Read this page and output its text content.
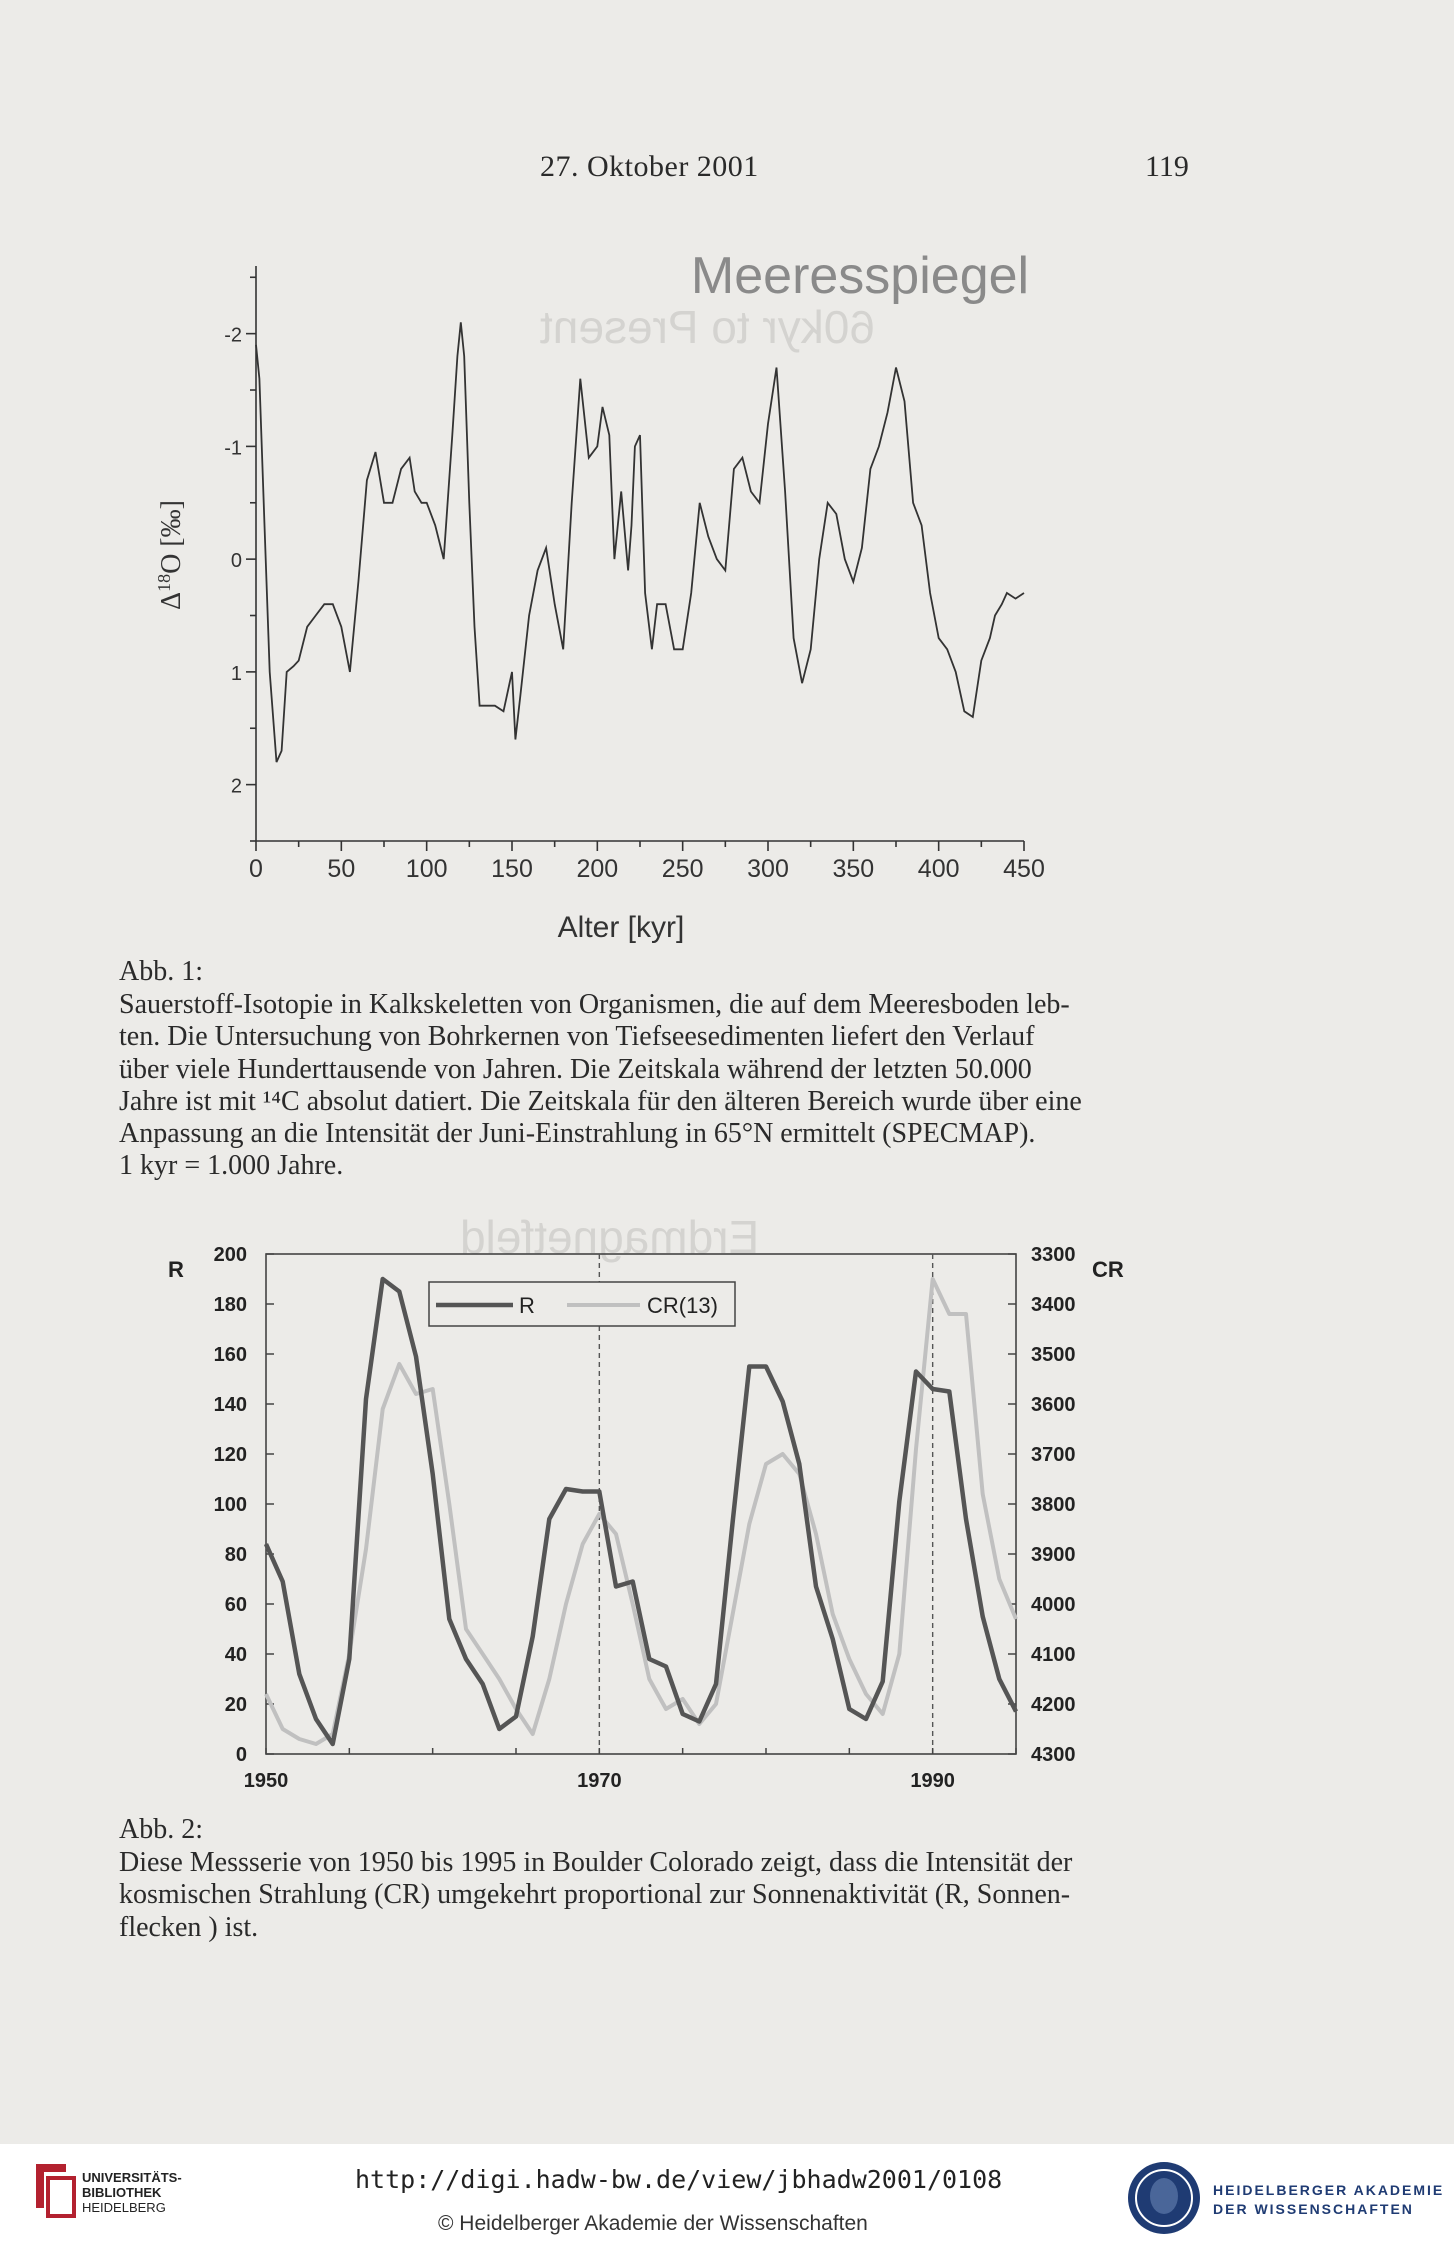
60kyr to Present
Erdmagnetfeld
27. Oktober 2001	119
Meeresspiegel
-2
-1
0
1
2
0	50 100 150 200 250 300 350 400 450
Alter [kyr]
$\Delta^{18}O$ [‰]
Abb. 1:
Sauerstoff-Isotopie in Kalkskeletten von Organismen, die auf dem Meeresboden leb-
ten. Die Untersuchung von Bohrkernen von Tiefseesedimenten liefert den Verlauf
über viele Hunderttausende von Jahren. Die Zeitskala während der letzten 50.000
Jahre ist mit ¹⁴C absolut datiert. Die Zeitskala für den älteren Bereich wurde über eine
Anpassung an die Intensität der Juni-Einstrahlung in 65°N ermittelt (SPECMAP).
1 kyr = 1.000 Jahre.
0
20
40
60
80
100
120
140
160
180
200
4300
4200
4100
4000
3900
3800
3700
3600
3500
3400
3300
1950	1970	1990
R	CR(13)
R	CR
Abb. 2:
Diese Messserie von 1950 bis 1995 in Boulder Colorado zeigt, dass die Intensität der
kosmischen Strahlung (CR) umgekehrt proportional zur Sonnenaktivität (R, Sonnen-
flecken ) ist.
UNIVERSITÄTS-
BIBLIOTHEK
HEIDELBERG
http://digi.hadw-bw.de/view/jbhadw2001/0108
© Heidelberger Akademie der Wissenschaften
HEIDELBERGER AKADEMIE
DER WISSENSCHAFTEN
